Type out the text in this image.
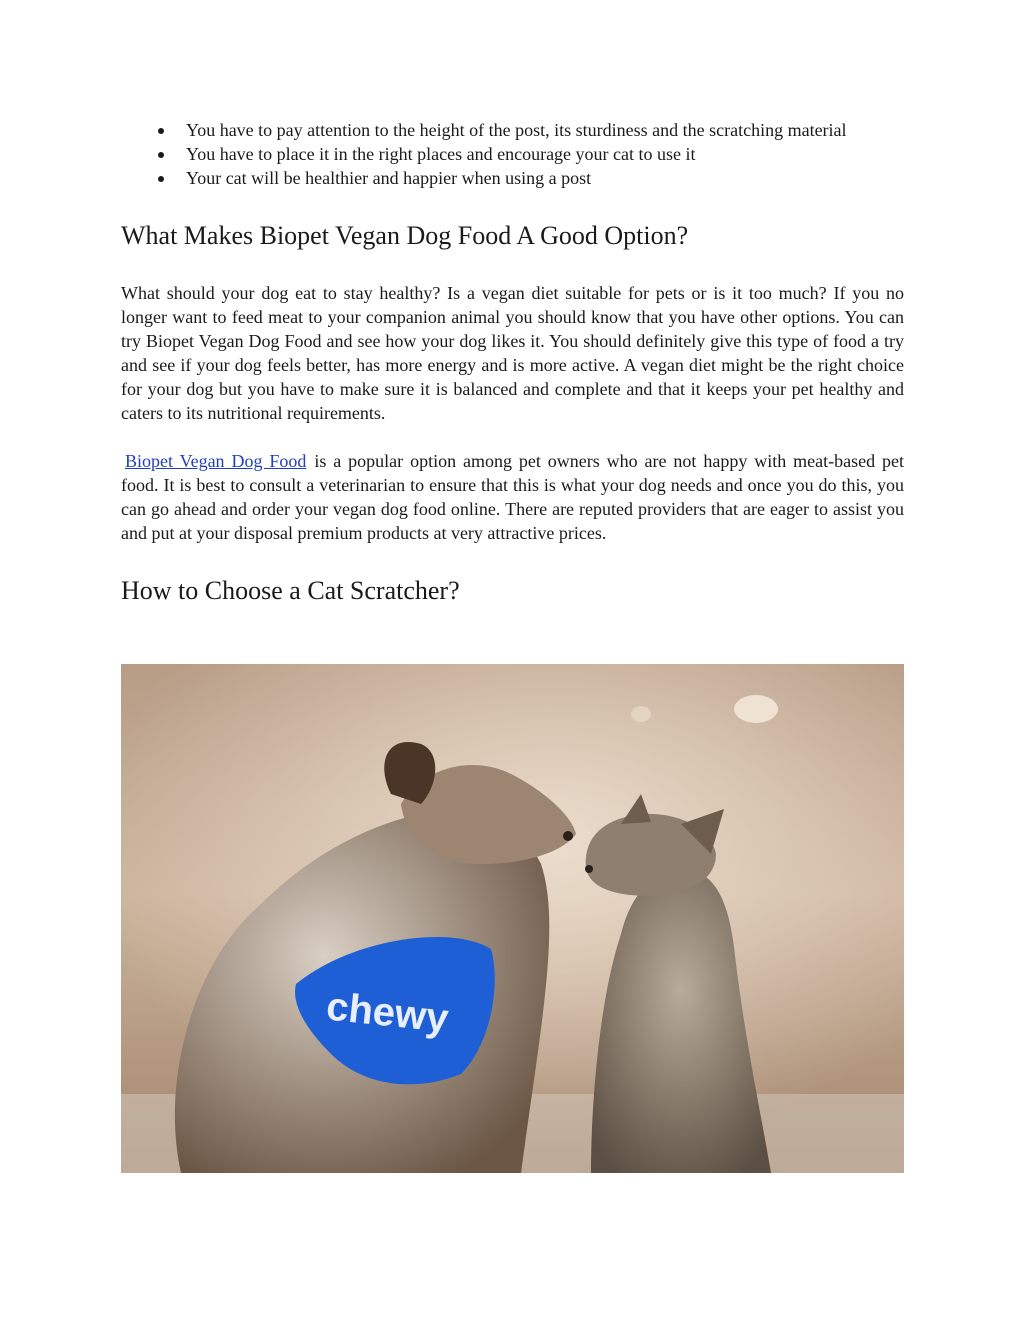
You have to pay attention to the height of the post, its sturdiness and the scratching material
You have to place it in the right places and encourage your cat to use it
Your cat will be healthier and happier when using a post
What Makes Biopet Vegan Dog Food A Good Option?

What should your dog eat to stay healthy? Is a vegan diet suitable for pets or is it too much? If you no longer want to feed meat to your companion animal you should know that you have other options. You can try Biopet Vegan Dog Food and see how your dog likes it. You should definitely give this type of food a try and see if your dog feels better, has more energy and is more active. A vegan diet might be the right choice for your dog but you have to make sure it is balanced and complete and that it keeps your pet healthy and caters to its nutritional requirements.

Biopet Vegan Dog Food is a popular option among pet owners who are not happy with meat-based pet food. It is best to consult a veterinarian to ensure that this is what your dog needs and once you do this, you can go ahead and order your vegan dog food online. There are reputed providers that are eager to assist you and put at your disposal premium products at very attractive prices.

How to Choose a Cat Scratcher?
chewy
